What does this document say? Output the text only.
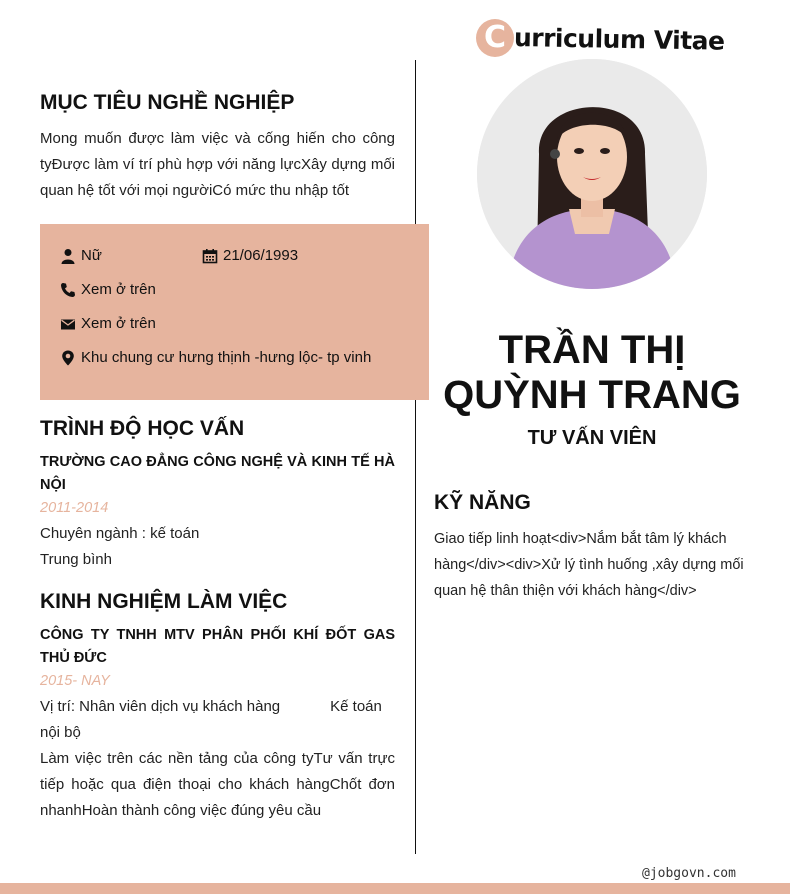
C urriculum Vitae
MỤC TIÊU NGHỀ NGHIỆP
Mong muốn được làm việc và cống hiến cho công tyĐược làm ví trí phù hợp với năng lựcXây dựng mối quan hệ tốt với mọi ngườiCó mức thu nhập tốt
Nữ	21/06/1993
Xem ở trên
Xem ở trên
Khu chung cư hưng thịnh -hưng lộc- tp vinh
TRÌNH ĐỘ HỌC VẤN
TRƯỜNG CAO ĐẲNG CÔNG NGHỆ VÀ KINH TẾ HÀ NỘI
2011-2014
Chuyên ngành : kế toán
Trung bình
KINH NGHIỆM LÀM VIỆC
CÔNG TY TNHH MTV PHÂN PHỐI KHÍ ĐỐT GAS THỦ ĐỨC
2015- NAY
Vị trí: Nhân viên dịch vụ khách hàng            Kế toán
nội bộ
Làm việc trên các nền tảng của công tyTư vấn trực tiếp hoặc qua điện thoại cho khách hàngChốt đơn nhanhHoàn thành công việc đúng yêu cầu
TRẦN THỊ
QUỲNH TRANG
TƯ VẤN VIÊN
KỸ NĂNG
Giao tiếp linh hoạt<div>Nắm bắt tâm lý khách hàng</div><div>Xử lý tình huống ,xây dựng mối quan hệ thân thiện với khách hàng</div>
@jobgovn.com
